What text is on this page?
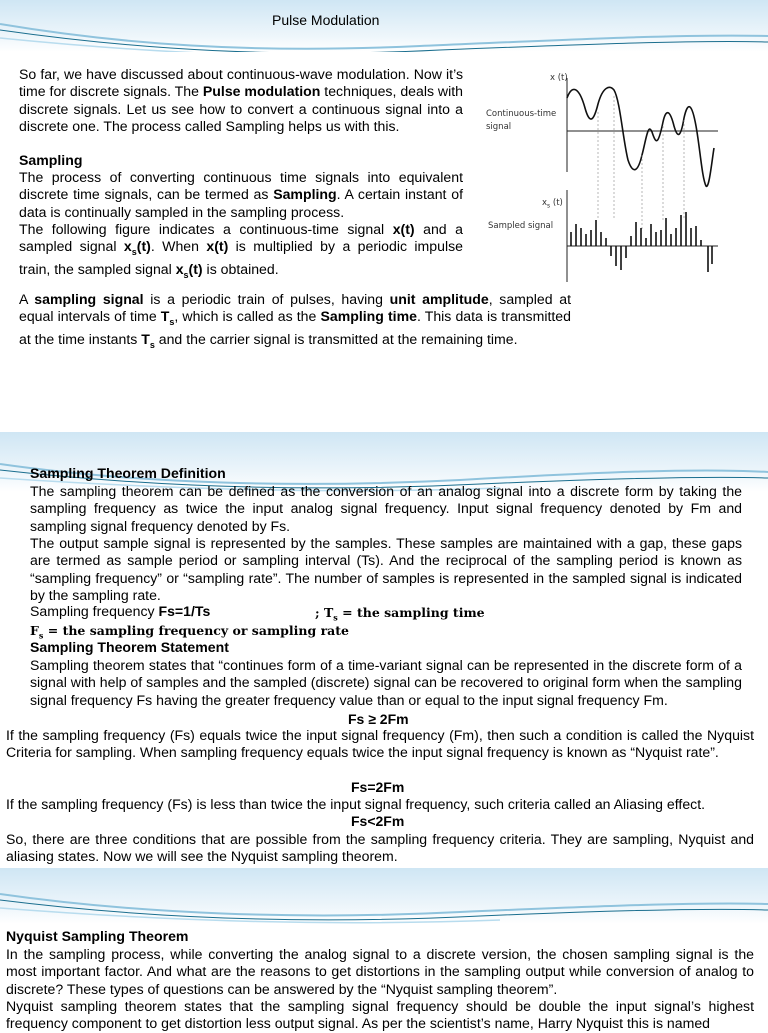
Pulse Modulation
So far, we have discussed about continuous-wave modulation. Now it’s time for discrete signals. The Pulse modulation techniques, deals with discrete signals. Let us see how to convert a continuous signal into a discrete one. The process called Sampling helps us with this.
Sampling
The process of converting continuous time signals into equivalent discrete time signals, can be termed as Sampling. A certain instant of data is continually sampled in the sampling process.
The following figure indicates a continuous-time signal x(t) and a sampled signal $x_s(t)$. When x(t) is multiplied by a periodic impulse train, the sampled signal $x_s(t)$ is obtained.
A sampling signal is a periodic train of pulses, having unit amplitude, sampled at equal intervals of time $T_s$, which is called as the Sampling time. This data is transmitted at the time instants $T_s$ and the carrier signal is transmitted at the remaining time.
x (t)
Continuous-time
signal
$x_s$ (t)
Sampled signal
Sampling Theorem Definition
The sampling theorem can be defined as the conversion of an analog signal into a discrete form by taking the sampling frequency as twice the input analog signal frequency. Input signal frequency denoted by Fm and sampling signal frequency denoted by Fs.
The output sample signal is represented by the samples. These samples are maintained with a gap, these gaps are termed as sample period or sampling interval (Ts). And the reciprocal of the sampling period is known as “sampling frequency” or “sampling rate”. The number of samples is represented in the sampled signal is indicated by the sampling rate.
Sampling frequency Fs=1/Ts	; $T_s$ = the sampling time
$F_s$ = the sampling frequency or sampling rate
Sampling Theorem Statement
Sampling theorem states that “continues form of a time-variant signal can be represented in the discrete form of a signal with help of samples and the sampled (discrete) signal can be recovered to original form when the sampling signal frequency Fs having the greater frequency value than or equal to the input signal frequency Fm.
Fs ≥ 2Fm
If the sampling frequency (Fs) equals twice the input signal frequency (Fm), then such a condition is called the Nyquist Criteria for sampling. When sampling frequency equals twice the input signal frequency is known as “Nyquist rate”.
Fs=2Fm
If the sampling frequency (Fs) is less than twice the input signal frequency, such criteria called an Aliasing effect.
Fs<2Fm
So, there are three conditions that are possible from the sampling frequency criteria. They are sampling, Nyquist and aliasing states. Now we will see the Nyquist sampling theorem.
Nyquist Sampling Theorem
In the sampling process, while converting the analog signal to a discrete version, the chosen sampling signal is the most important factor. And what are the reasons to get distortions in the sampling output while conversion of analog to discrete? These types of questions can be answered by the “Nyquist sampling theorem”.
Nyquist sampling theorem states that the sampling signal frequency should be double the input signal’s highest frequency component to get distortion less output signal. As per the scientist’s name, Harry Nyquist this is named
